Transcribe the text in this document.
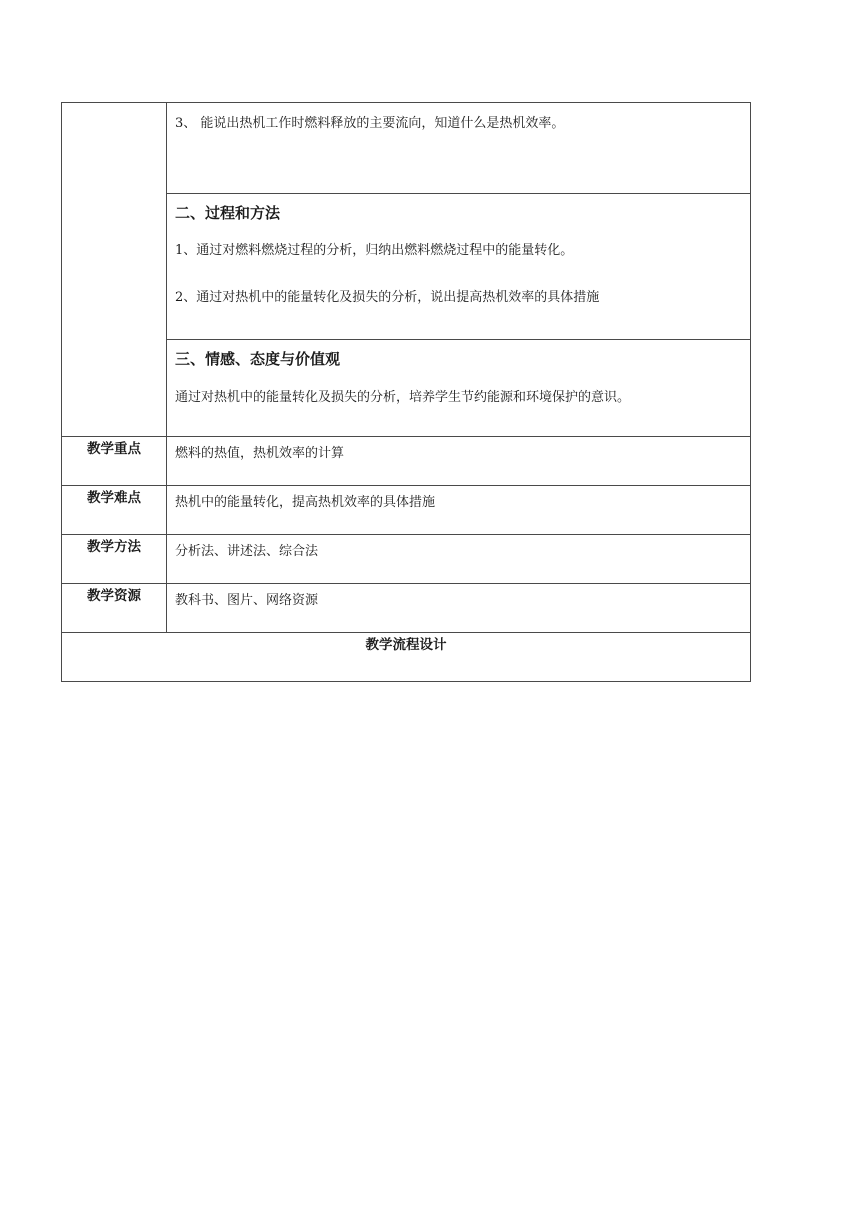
	3、 能说出热机工作时燃料释放的主要流向，知道什么是热机效率。

	二、过程和方法

1、通过对燃料燃烧过程的分析，归纳出燃料燃烧过程中的能量转化。

2、通过对热机中的能量转化及损失的分析，说出提高热机效率的具体措施

	三、情感、态度与价值观

通过对热机中的能量转化及损失的分析，培养学生节约能源和环境保护的意识。

教学重点	燃料的热值，热机效率的计算

教学难点	热机中的能量转化，提高热机效率的具体措施

教学方法	分析法、讲述法、综合法

教学资源	教科书、图片、网络资源

教学流程设计	
